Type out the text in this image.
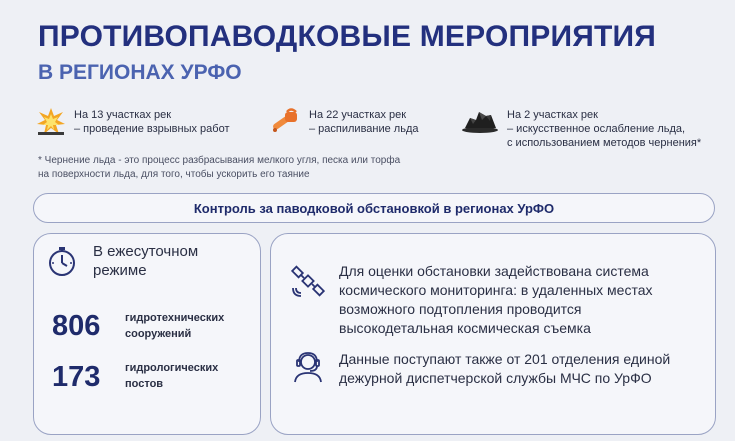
ПРОТИВОПАВОДКОВЫЕ МЕРОПРИЯТИЯ
В РЕГИОНАХ УРФО
На 13 участках рек
– проведение взрывных работ
На 22 участках рек
– распиливание льда
На 2 участках рек
– искусственное ослабление льда,
с использованием методов чернения*
* Чернение льда - это процесс разбрасывания мелкого угля, песка или торфа
на поверхности льда, для того, чтобы ускорить его таяние
Контроль за паводковой обстановкой в регионах УрФО
В ежесуточном
режиме
806 гидротехнических
сооружений
173 гидрологических
постов
Для оценки обстановки задействована система
космического мониторинга: в удаленных местах
возможного подтопления проводится
высокодетальная космическая съемка
Данные поступают также от 201 отделения единой
дежурной диспетчерской службы МЧС по УрФО
